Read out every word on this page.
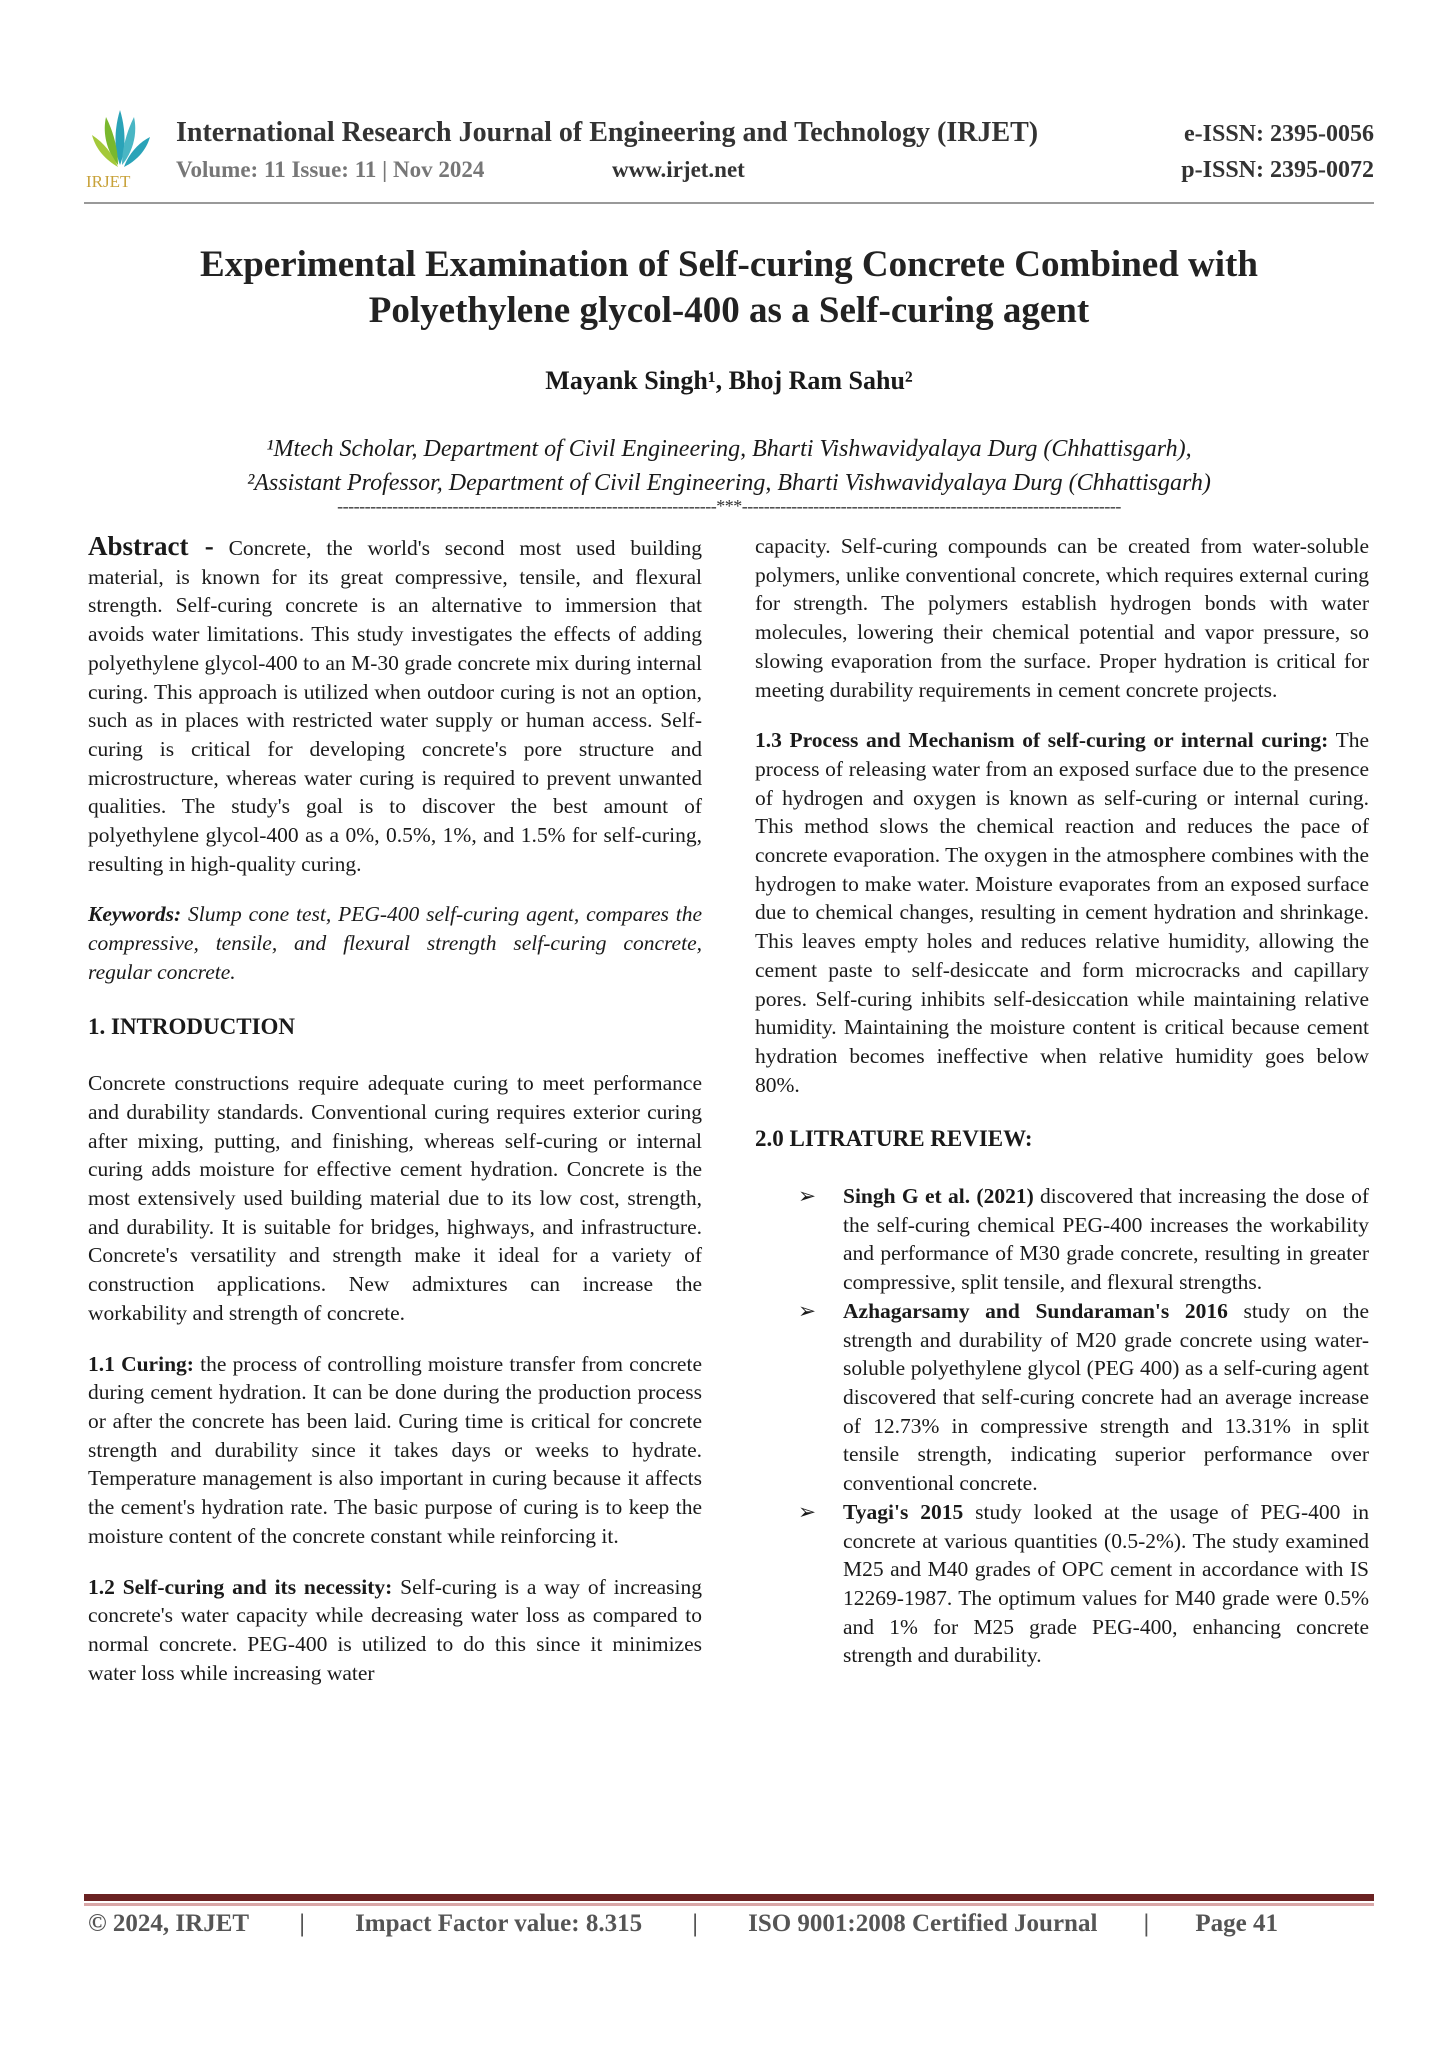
IRJET
International Research Journal of Engineering and Technology (IRJET)
Volume: 11 Issue: 11 | Nov 2024	www.irjet.net
e-ISSN: 2395-0056
p-ISSN: 2395-0072
Experimental Examination of Self-curing Concrete Combined with
Polyethylene glycol-400 as a Self-curing agent
Mayank Singh¹, Bhoj Ram Sahu²
¹Mtech Scholar, Department of Civil Engineering, Bharti Vishwavidyalaya Durg (Chhattisgarh),
²Assistant Professor, Department of Civil Engineering, Bharti Vishwavidyalaya Durg (Chhattisgarh)
---------------------------------------------------------------------***---------------------------------------------------------------------

Abstract - Concrete, the world's second most used building material, is known for its great compressive, tensile, and flexural strength. Self-curing concrete is an alternative to immersion that avoids water limitations. This study investigates the effects of adding polyethylene glycol-400 to an M-30 grade concrete mix during internal curing. This approach is utilized when outdoor curing is not an option, such as in places with restricted water supply or human access. Self-curing is critical for developing concrete's pore structure and microstructure, whereas water curing is required to prevent unwanted qualities. The study's goal is to discover the best amount of polyethylene glycol-400 as a 0%, 0.5%, 1%, and 1.5% for self-curing, resulting in high-quality curing.

Keywords: Slump cone test, PEG-400 self-curing agent, compares the compressive, tensile, and flexural strength self-curing concrete, regular concrete.

1. INTRODUCTION

Concrete constructions require adequate curing to meet performance and durability standards. Conventional curing requires exterior curing after mixing, putting, and finishing, whereas self-curing or internal curing adds moisture for effective cement hydration. Concrete is the most extensively used building material due to its low cost, strength, and durability. It is suitable for bridges, highways, and infrastructure. Concrete's versatility and strength make it ideal for a variety of construction applications. New admixtures can increase the workability and strength of concrete.

1.1 Curing: the process of controlling moisture transfer from concrete during cement hydration. It can be done during the production process or after the concrete has been laid. Curing time is critical for concrete strength and durability since it takes days or weeks to hydrate. Temperature management is also important in curing because it affects the cement's hydration rate. The basic purpose of curing is to keep the moisture content of the concrete constant while reinforcing it.

1.2 Self-curing and its necessity: Self-curing is a way of increasing concrete's water capacity while decreasing water loss as compared to normal concrete. PEG-400 is utilized to do this since it minimizes water loss while increasing water

capacity. Self-curing compounds can be created from water-soluble polymers, unlike conventional concrete, which requires external curing for strength. The polymers establish hydrogen bonds with water molecules, lowering their chemical potential and vapor pressure, so slowing evaporation from the surface. Proper hydration is critical for meeting durability requirements in cement concrete projects.

1.3 Process and Mechanism of self-curing or internal curing: The process of releasing water from an exposed surface due to the presence of hydrogen and oxygen is known as self-curing or internal curing. This method slows the chemical reaction and reduces the pace of concrete evaporation. The oxygen in the atmosphere combines with the hydrogen to make water. Moisture evaporates from an exposed surface due to chemical changes, resulting in cement hydration and shrinkage. This leaves empty holes and reduces relative humidity, allowing the cement paste to self-desiccate and form microcracks and capillary pores. Self-curing inhibits self-desiccation while maintaining relative humidity. Maintaining the moisture content is critical because cement hydration becomes ineffective when relative humidity goes below 80%.

2.0 LITRATURE REVIEW:
➢ Singh G et al. (2021) discovered that increasing the dose of the self-curing chemical PEG-400 increases the workability and performance of M30 grade concrete, resulting in greater compressive, split tensile, and flexural strengths.
➢ Azhagarsamy and Sundaraman's 2016 study on the strength and durability of M20 grade concrete using water-soluble polyethylene glycol (PEG 400) as a self-curing agent discovered that self-curing concrete had an average increase of 12.73% in compressive strength and 13.31% in split tensile strength, indicating superior performance over conventional concrete.
➢ Tyagi's 2015 study looked at the usage of PEG-400 in concrete at various quantities (0.5-2%). The study examined M25 and M40 grades of OPC cement in accordance with IS 12269-1987. The optimum values for M40 grade were 0.5% and 1% for M25 grade PEG-400, enhancing concrete strength and durability.
© 2024, IRJET | Impact Factor value: 8.315 | ISO 9001:2008 Certified Journal | Page 41
